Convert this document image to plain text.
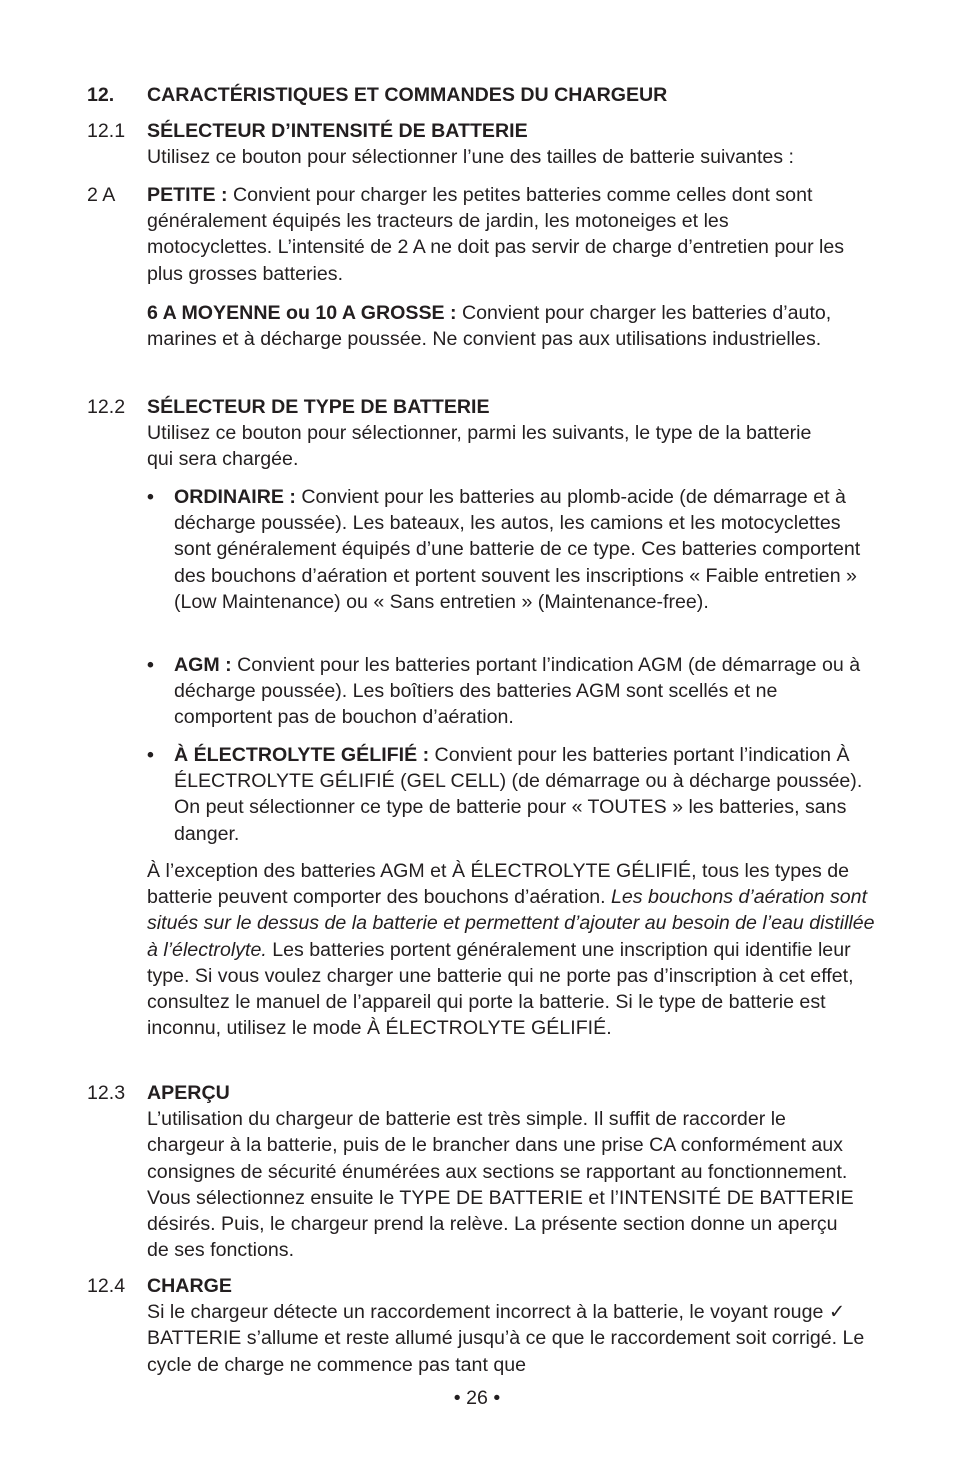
12. CARACTÉRISTIQUES ET COMMANDES DU CHARGEUR
12.1 SÉLECTEUR D’INTENSITÉ DE BATTERIE
Utilisez ce bouton pour sélectionner l’une des tailles de batterie suivantes :
2 A PETITE : Convient pour charger les petites batteries comme celles dont sont généralement équipés les tracteurs de jardin, les motoneiges et les motocyclettes. L’intensité de 2 A ne doit pas servir de charge d’entretien pour les plus grosses batteries.
6 A MOYENNE ou 10 A GROSSE : Convient pour charger les batteries d’auto, marines et à décharge poussée. Ne convient pas aux utilisations industrielles.
12.2 SÉLECTEUR DE TYPE DE BATTERIE
Utilisez ce bouton pour sélectionner, parmi les suivants, le type de la batterie qui sera chargée.
• ORDINAIRE : Convient pour les batteries au plomb-acide (de démarrage et à décharge poussée). Les bateaux, les autos, les camions et les motocyclettes sont généralement équipés d’une batterie de ce type. Ces batteries comportent des bouchons d’aération et portent souvent les inscriptions « Faible entretien » (Low Maintenance) ou « Sans entretien » (Maintenance-free).
• AGM : Convient pour les batteries portant l’indication AGM (de démarrage ou à décharge poussée). Les boîtiers des batteries AGM sont scellés et ne comportent pas de bouchon d’aération.
• À ÉLECTROLYTE GÉLIFIÉ : Convient pour les batteries portant l’indication À ÉLECTROLYTE GÉLIFIÉ (GEL CELL) (de démarrage ou à décharge poussée). On peut sélectionner ce type de batterie pour « TOUTES » les batteries, sans danger.
À l’exception des batteries AGM et À ÉLECTROLYTE GÉLIFIÉ, tous les types de batterie peuvent comporter des bouchons d’aération. Les bouchons d’aération sont situés sur le dessus de la batterie et permettent d’ajouter au besoin de l’eau distillée à l’électrolyte. Les batteries portent généralement une inscription qui identifie leur type. Si vous voulez charger une batterie qui ne porte pas d’inscription à cet effet, consultez le manuel de l’appareil qui porte la batterie. Si le type de batterie est inconnu, utilisez le mode À ÉLECTROLYTE GÉLIFIÉ.
12.3 APERÇU
L’utilisation du chargeur de batterie est très simple. Il suffit de raccorder le chargeur à la batterie, puis de le brancher dans une prise CA conformément aux consignes de sécurité énumérées aux sections se rapportant au fonctionnement. Vous sélectionnez ensuite le TYPE DE BATTERIE et l’INTENSITÉ DE BATTERIE désirés. Puis, le chargeur prend la relève. La présente section donne un aperçu de ses fonctions.
12.4 CHARGE
Si le chargeur détecte un raccordement incorrect à la batterie, le voyant rouge ✓ BATTERIE s’allume et reste allumé jusqu’à ce que le raccordement soit corrigé. Le cycle de charge ne commence pas tant que
• 26 •
